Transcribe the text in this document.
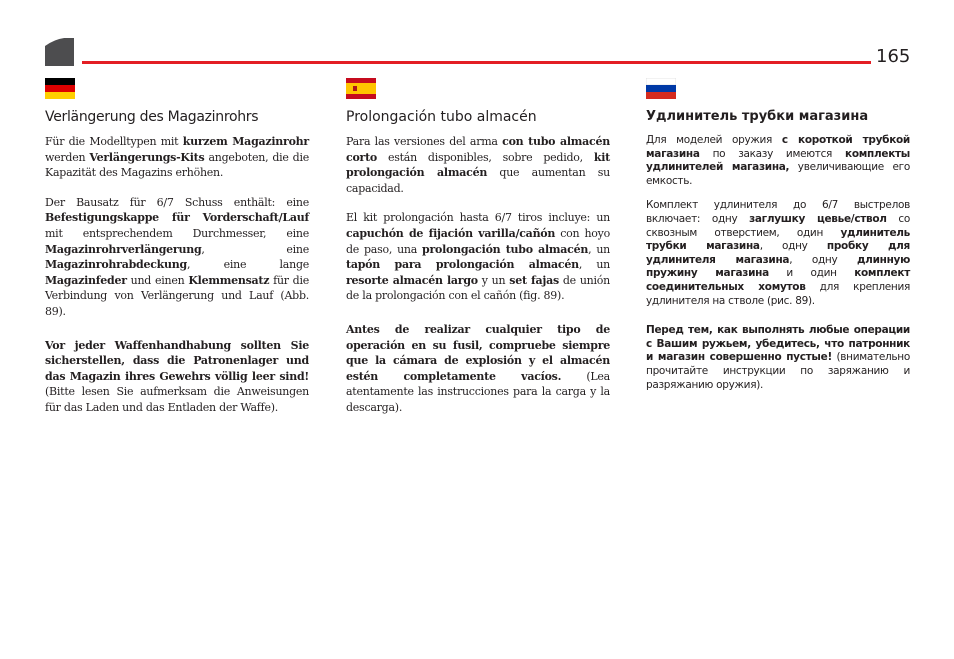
165
Verlängerung des Magazinrohrs

Für die Modelltypen mit kurzem Magazinrohr werden Verlängerungs-Kits angeboten, die die Kapazität des Magazins erhöhen.

Der Bausatz für 6/7 Schuss enthält: eine Befestigungskappe für Vorderschaft/Lauf mit entsprechendem Durchmesser, eine Magazinrohrverlängerung, eine Magazinrohrabdeckung, eine lange Magazinfeder und einen Klemmensatz für die Verbindung von Verlängerung und Lauf (Abb. 89).

Vor jeder Waffenhandhabung sollten Sie sicherstellen, dass die Patronenlager und das Magazin ihres Gewehrs völlig leer sind! (Bitte lesen Sie aufmerksam die Anweisungen für das Laden und das Entladen der Waffe).

Prolongación tubo almacén

Para las versiones del arma con tubo almacén corto están disponibles, sobre pedido, kit prolongación almacén que aumentan su capacidad.

El kit prolongación hasta 6/7 tiros incluye: un capuchón de fijación varilla/cañón con hoyo de paso, una prolongación tubo almacén, un tapón para prolongación almacén, un resorte almacén largo y un set fajas de unión de la prolongación con el cañón (fig. 89).

Antes de realizar cualquier tipo de operación en su fusil, compruebe siempre que la cámara de explosión y el almacén estén completamente vacíos. (Lea atentamente las instrucciones para la carga y la descarga).

Удлинитель трубки магазина

Для моделей оружия с короткой трубкой магазина по заказу имеются комплекты удлинителей магазина, увеличивающие его емкость.

Комплект удлинителя до 6/7 выстрелов включает: одну заглушку цевье/ствол со сквозным отверстием, один удлинитель трубки магазина, одну пробку для удлинителя магазина, одну длинную пружину магазина и один комплект соединительных хомутов для крепления удлинителя на стволе (рис. 89).

Перед тем, как выполнять любые операции с Вашим ружьем, убедитесь, что патронник и магазин совершенно пустые! (внимательно прочитайте инструкции по заряжанию и разряжанию оружия).
